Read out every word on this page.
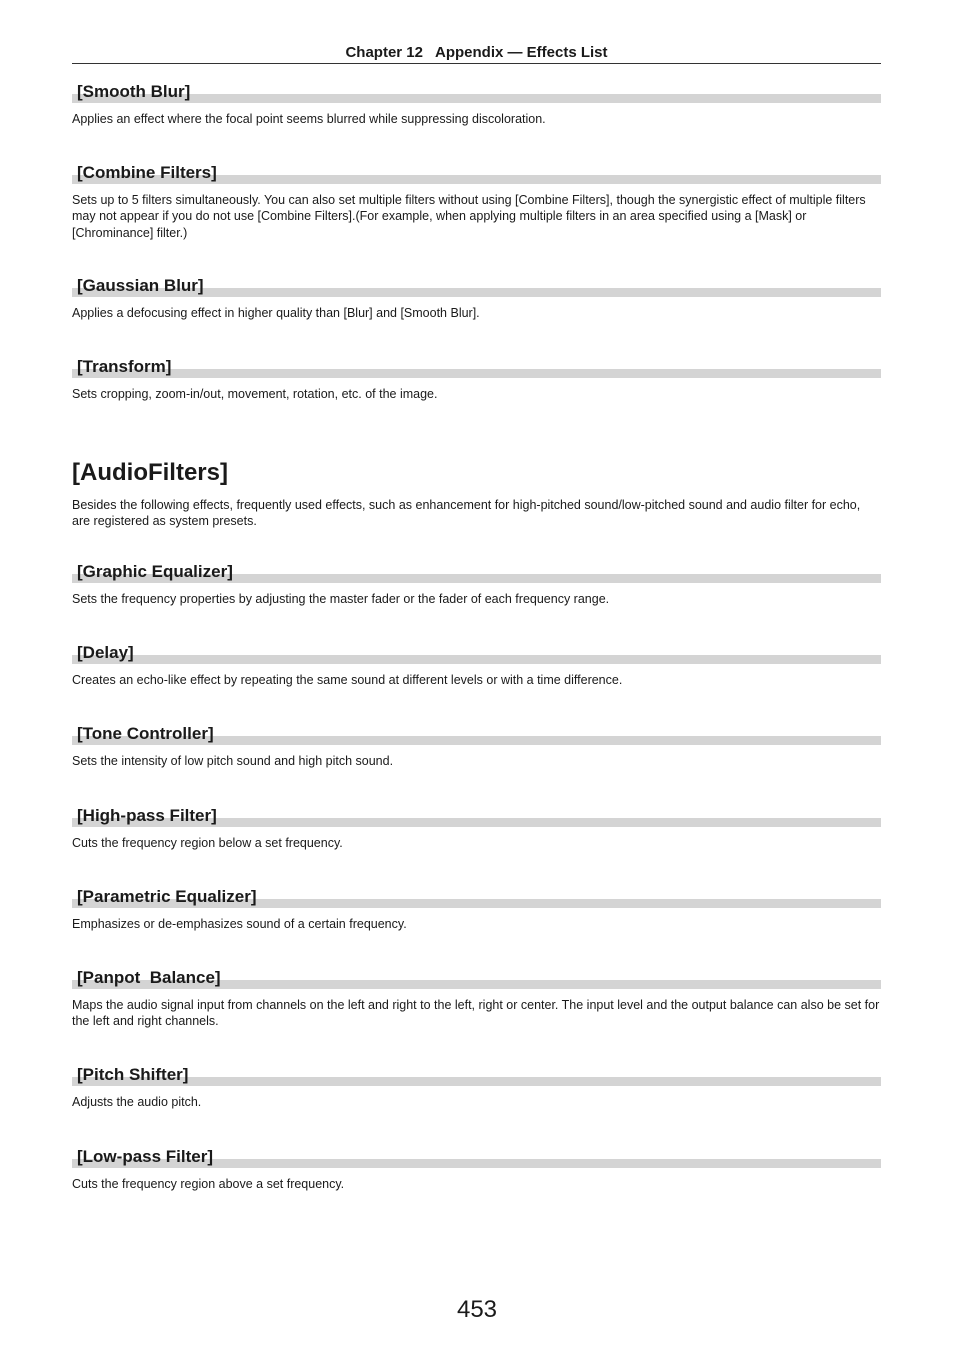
Chapter 12 Appendix — Effects List
[Smooth Blur]
Applies an effect where the focal point seems blurred while suppressing discoloration.
[Combine Filters]
Sets up to 5 filters simultaneously. You can also set multiple filters without using [Combine Filters], though the synergistic effect of multiple filters may not appear if you do not use [Combine Filters].(For example, when applying multiple filters in an area specified using a [Mask] or [Chrominance] filter.)
[Gaussian Blur]
Applies a defocusing effect in higher quality than [Blur] and [Smooth Blur].
[Transform]
Sets cropping, zoom-in/out, movement, rotation, etc. of the image.
[AudioFilters]
Besides the following effects, frequently used effects, such as enhancement for high-pitched sound/low-pitched sound and audio filter for echo, are registered as system presets.
[Graphic Equalizer]
Sets the frequency properties by adjusting the master fader or the fader of each frequency range.
[Delay]
Creates an echo-like effect by repeating the same sound at different levels or with a time difference.
[Tone Controller]
Sets the intensity of low pitch sound and high pitch sound.
[High-pass Filter]
Cuts the frequency region below a set frequency.
[Parametric Equalizer]
Emphasizes or de-emphasizes sound of a certain frequency.
[Panpot  Balance]
Maps the audio signal input from channels on the left and right to the left, right or center. The input level and the output balance can also be set for the left and right channels.
[Pitch Shifter]
Adjusts the audio pitch.
[Low-pass Filter]
Cuts the frequency region above a set frequency.
453
